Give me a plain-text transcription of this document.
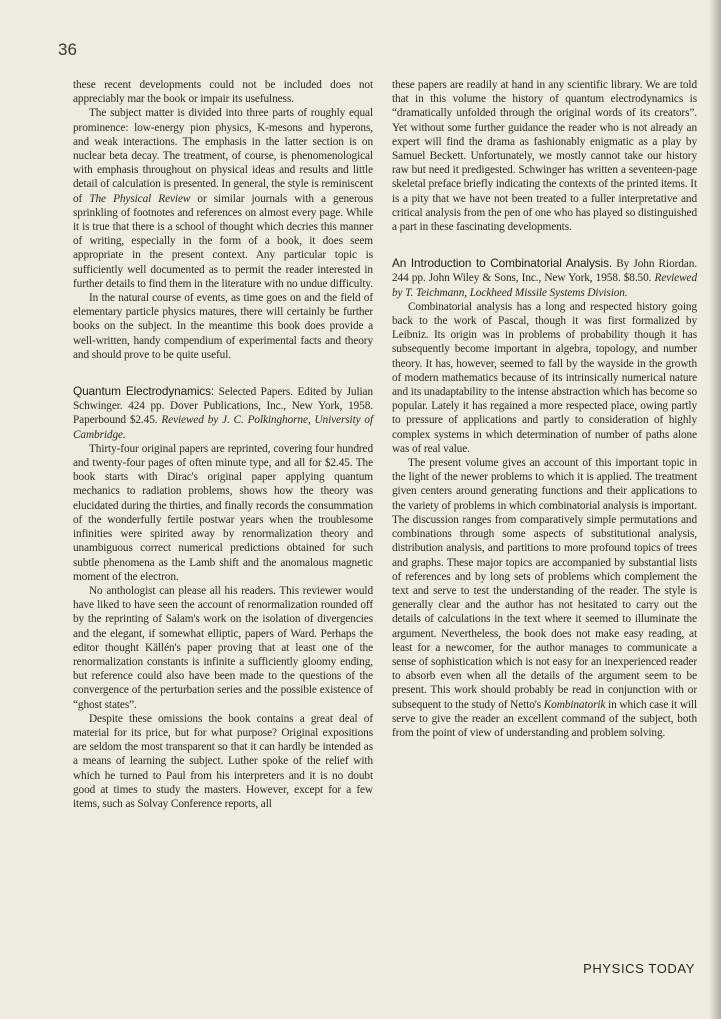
36

these recent developments could not be included does not appreciably mar the book or impair its usefulness.

The subject matter is divided into three parts of roughly equal prominence: low-energy pion physics, K-mesons and hyperons, and weak interactions. The emphasis in the latter section is on nuclear beta decay. The treatment, of course, is phenomenological with emphasis throughout on physical ideas and results and little detail of calculation is presented. In general, the style is reminiscent of The Physical Review or similar journals with a generous sprinkling of footnotes and references on almost every page. While it is true that there is a school of thought which decries this manner of writing, especially in the form of a book, it does seem appropriate in the present context. Any particular topic is sufficiently well documented as to permit the reader interested in further details to find them in the literature with no undue difficulty.

In the natural course of events, as time goes on and the field of elementary particle physics matures, there will certainly be further books on the subject. In the meantime this book does provide a well-written, handy compendium of experimental facts and theory and should prove to be quite useful.

Quantum Electrodynamics: Selected Papers. Edited by Julian Schwinger. 424 pp. Dover Publications, Inc., New York, 1958. Paperbound $2.45. Reviewed by J. C. Polkinghorne, University of Cambridge.

Thirty-four original papers are reprinted, covering four hundred and twenty-four pages of often minute type, and all for $2.45. The book starts with Dirac's original paper applying quantum mechanics to radiation problems, shows how the theory was elucidated during the thirties, and finally records the consummation of the wonderfully fertile postwar years when the troublesome infinities were spirited away by renormalization theory and unambiguous correct numerical predictions obtained for such subtle phenomena as the Lamb shift and the anomalous magnetic moment of the electron.

No anthologist can please all his readers. This reviewer would have liked to have seen the account of renormalization rounded off by the reprinting of Salam's work on the isolation of divergencies and the elegant, if somewhat elliptic, papers of Ward. Perhaps the editor thought Källén's paper proving that at least one of the renormalization constants is infinite a sufficiently gloomy ending, but reference could also have been made to the questions of the convergence of the perturbation series and the possible existence of “ghost states”.

Despite these omissions the book contains a great deal of material for its price, but for what purpose? Original expositions are seldom the most transparent so that it can hardly be intended as a means of learning the subject. Luther spoke of the relief with which he turned to Paul from his interpreters and it is no doubt good at times to study the masters. However, except for a few items, such as Solvay Conference reports, all

these papers are readily at hand in any scientific library. We are told that in this volume the history of quantum electrodynamics is “dramatically unfolded through the original words of its creators”. Yet without some further guidance the reader who is not already an expert will find the drama as fashionably enigmatic as a play by Samuel Beckett. Unfortunately, we mostly cannot take our history raw but need it predigested. Schwinger has written a seventeen-page skeletal preface briefly indicating the contexts of the printed items. It is a pity that we have not been treated to a fuller interpretative and critical analysis from the pen of one who has played so distinguished a part in these fascinating developments.

An Introduction to Combinatorial Analysis. By John Riordan. 244 pp. John Wiley & Sons, Inc., New York, 1958. $8.50. Reviewed by T. Teichmann, Lockheed Missile Systems Division.

Combinatorial analysis has a long and respected history going back to the work of Pascal, though it was first formalized by Leibniz. Its origin was in problems of probability though it has subsequently become important in algebra, topology, and number theory. It has, however, seemed to fall by the wayside in the growth of modern mathematics because of its intrinsically numerical nature and its unadaptability to the intense abstraction which has become so popular. Lately it has regained a more respected place, owing partly to pressure of applications and partly to consideration of highly complex systems in which determination of number of paths alone was of real value.

The present volume gives an account of this important topic in the light of the newer problems to which it is applied. The treatment given centers around generating functions and their applications to the variety of problems in which combinatorial analysis is important. The discussion ranges from comparatively simple permutations and combinations through some aspects of substitutional analysis, distribution analysis, and partitions to more profound topics of trees and graphs. These major topics are accompanied by substantial lists of references and by long sets of problems which complement the text and serve to test the understanding of the reader. The style is generally clear and the author has not hesitated to carry out the details of calculations in the text where it seemed to illuminate the argument. Nevertheless, the book does not make easy reading, at least for a newcomer, for the author manages to communicate a sense of sophistication which is not easy for an inexperienced reader to absorb even when all the details of the argument seem to be present. This work should probably be read in conjunction with or subsequent to the study of Netto's Kombinatorik in which case it will serve to give the reader an excellent command of the subject, both from the point of view of understanding and problem solving.

PHYSICS TODAY
